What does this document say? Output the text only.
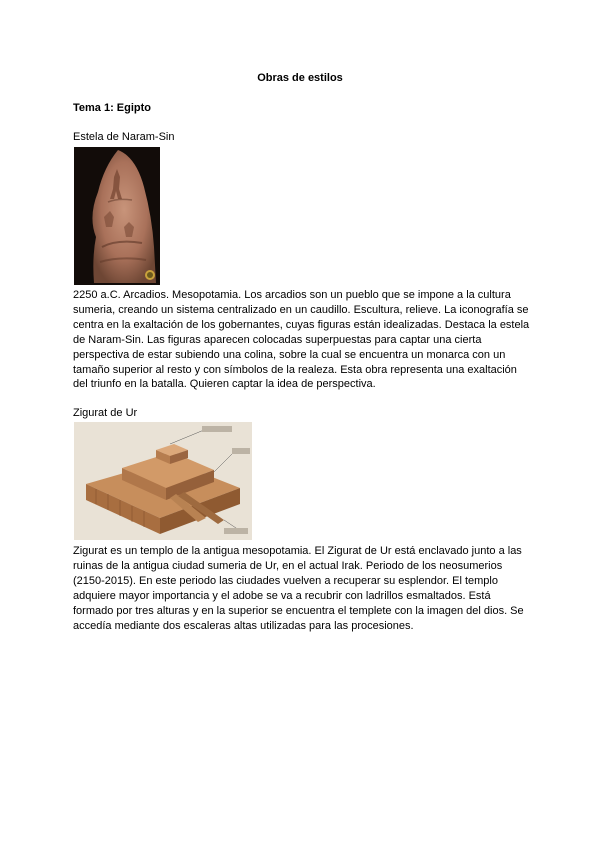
Obras de estilos
Tema 1: Egipto
Estela de Naram-Sin
2250 a.C. Arcadios. Mesopotamia. Los arcadios son un pueblo que se impone a la cultura sumeria, creando un sistema centralizado en un caudillo. Escultura, relieve. La iconografía se centra en la exaltación de los gobernantes, cuyas figuras están idealizadas. Destaca la estela de Naram-Sin. Las figuras aparecen colocadas superpuestas para captar una cierta perspectiva de estar subiendo una colina, sobre la cual se encuentra un monarca con un tamaño superior al resto y con símbolos de la realeza. Esta obra representa una exaltación del triunfo en la batalla. Quieren captar la idea de perspectiva.
Zigurat de Ur
Zigurat es un templo de la antigua mesopotamia. El Zigurat de Ur está enclavado junto a las ruinas de la antigua ciudad sumeria de Ur, en el actual Irak. Periodo de los neosumerios (2150-2015). En este periodo las ciudades vuelven a recuperar su esplendor. El templo adquiere mayor importancia y el adobe se va a recubrir con ladrillos esmaltados. Está formado por tres alturas y en la superior se encuentra el templete con la imagen del dios. Se accedía mediante dos escaleras altas utilizadas para las procesiones.
